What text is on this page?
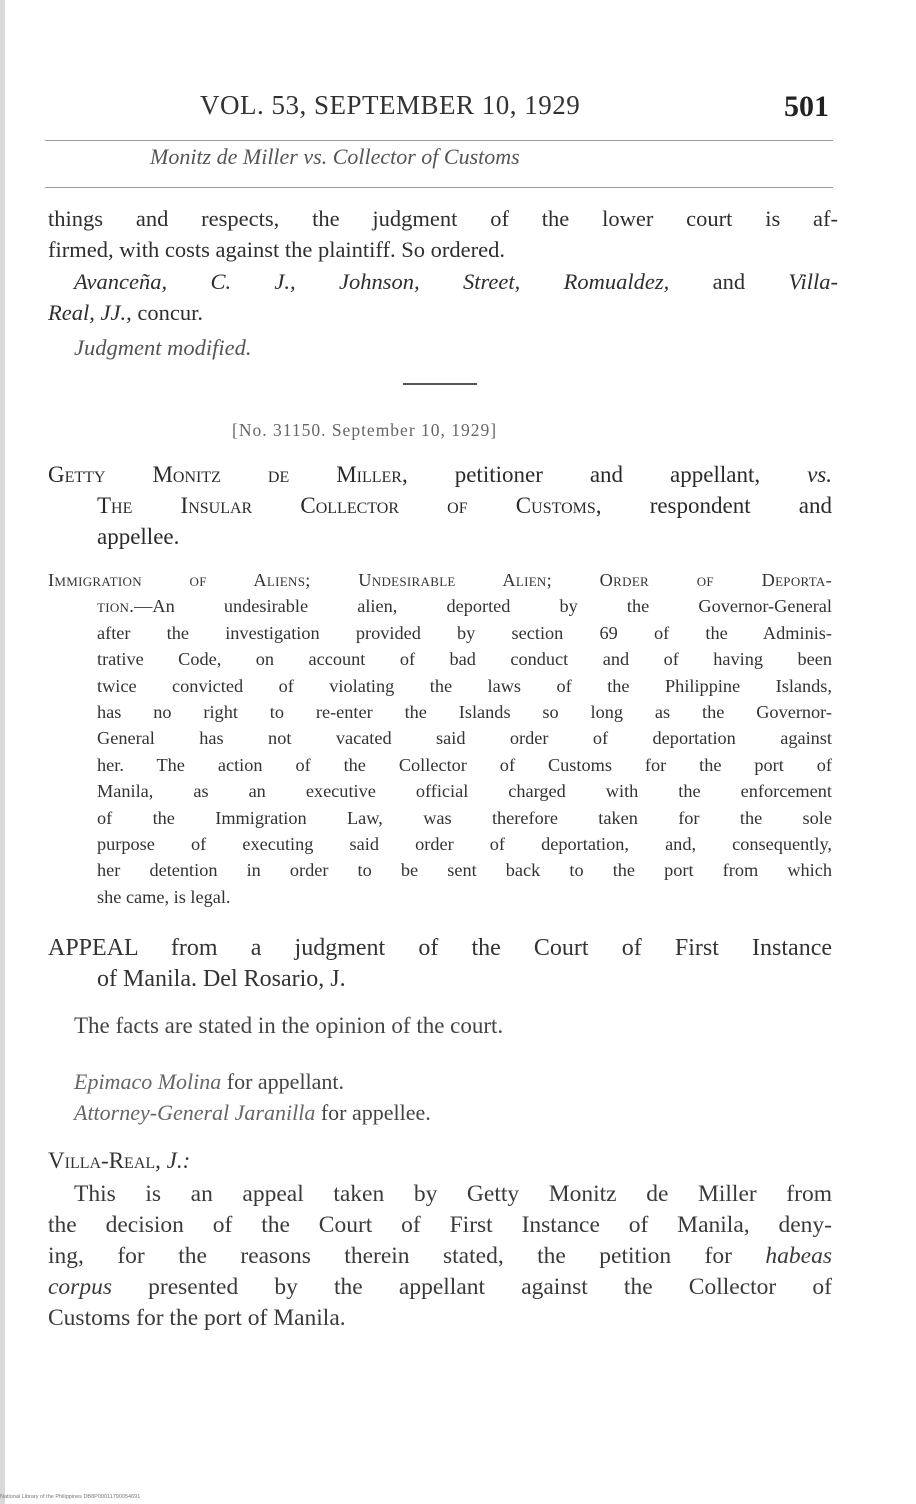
VOL. 53, SEPTEMBER 10, 1929	501
Monitz de Miller vs. Collector of Customs
things and respects, the judgment of the lower court is af-
firmed, with costs against the plaintiff. So ordered.
Avanceña, C. J., Johnson, Street, Romualdez, and Villa-
Real, JJ., concur.
Judgment modified.
[No. 31150. September 10, 1929]
Getty Monitz de Miller, petitioner and appellant, vs.
The Insular Collector of Customs, respondent and
appellee.
Immigration of Aliens; Undesirable Alien; Order of Deporta-
tion.—An undesirable alien, deported by the Governor-General
after the investigation provided by section 69 of the Adminis-
trative Code, on account of bad conduct and of having been
twice convicted of violating the laws of the Philippine Islands,
has no right to re-enter the Islands so long as the Governor-
General has not vacated said order of deportation against
her. The action of the Collector of Customs for the port of
Manila, as an executive official charged with the enforcement
of the Immigration Law, was therefore taken for the sole
purpose of executing said order of deportation, and, consequently,
her detention in order to be sent back to the port from which
she came, is legal.
APPEAL from a judgment of the Court of First Instance
of Manila. Del Rosario, J.
The facts are stated in the opinion of the court.
Epimaco Molina for appellant.
Attorney-General Jaranilla for appellee.
Villa-Real, J.:
This is an appeal taken by Getty Monitz de Miller from
the decision of the Court of First Instance of Manila, deny-
ing, for the reasons therein stated, the petition for habeas
corpus presented by the appellant against the Collector of
Customs for the port of Manila.
National Library of the Philippines DB8P00011790054691
